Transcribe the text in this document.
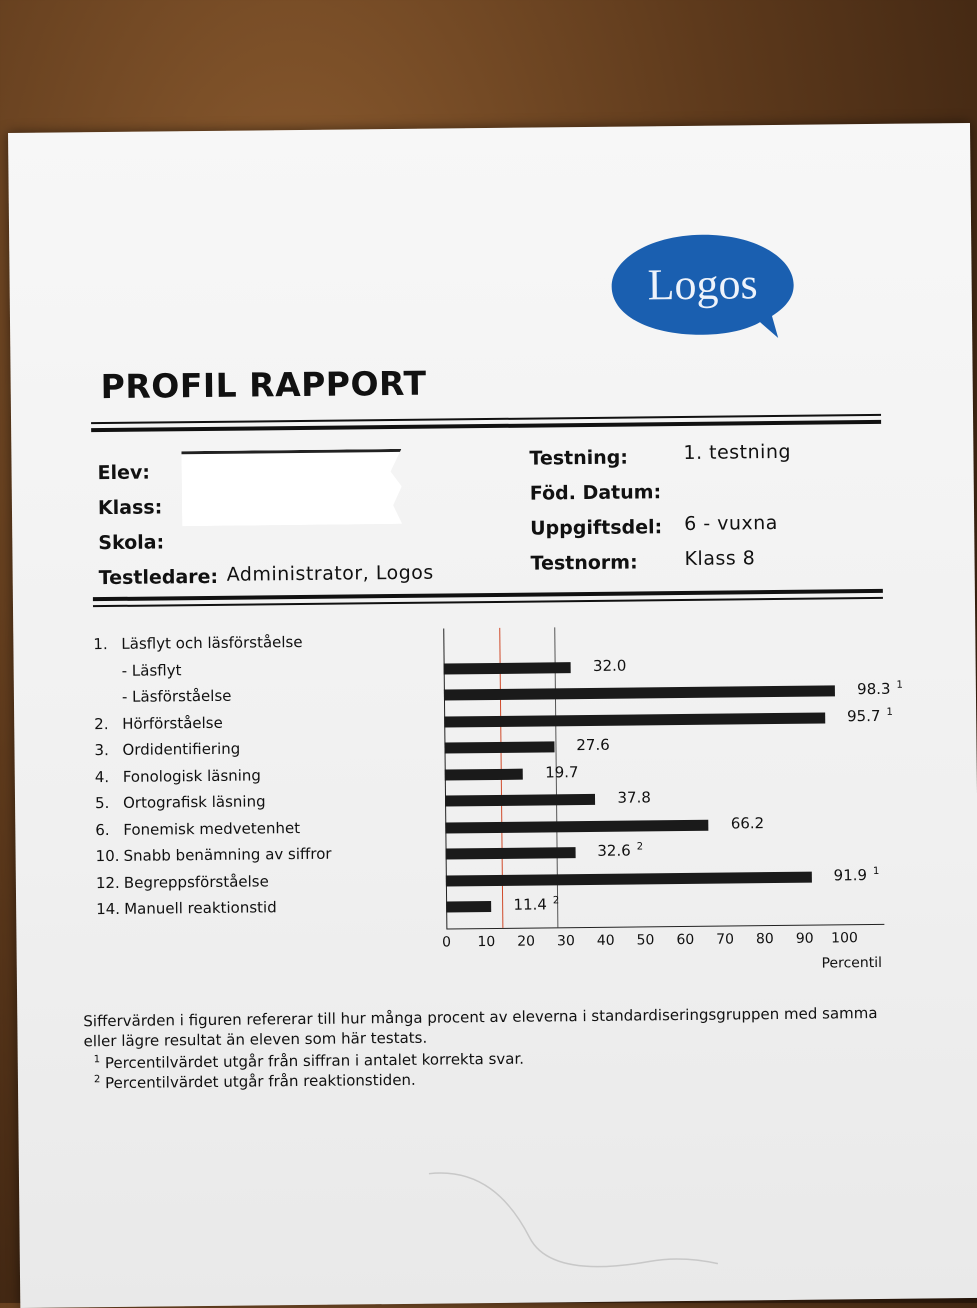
Logos
PROFIL RAPPORT
Elev:
Klass:
Skola:
Testledare: Administrator, Logos
Testning:	1. testning
Föd. Datum:
Uppgiftsdel: 6 - vuxna
Testnorm: Klass 8
1. Läsflyt och läsförståelse
- Läsflyt	32.0
- Läsförståelse	98.3 $^1$
2. Hörförståelse	95.7 $^1$
3. Ordidentifiering	27.6
4. Fonologisk läsning	19.7
5. Ortografisk läsning	37.8
6. Fonemisk medvetenhet	66.2
10. Snabb benämning av siffror	32.6 $^2$
12. Begreppsförståelse	91.9 $^1$
14. Manuell reaktionstid	11.4 $^2$
0 10 20 30 40 50 60 70 80 90 100
Percentil
Siffervärden i figuren refererar till hur många procent av eleverna i standardiseringsgruppen med samma
eller lägre resultat än eleven som här testats.
$^1$ Percentilvärdet utgår från siffran i antalet korrekta svar.
$^2$ Percentilvärdet utgår från reaktionstiden.
